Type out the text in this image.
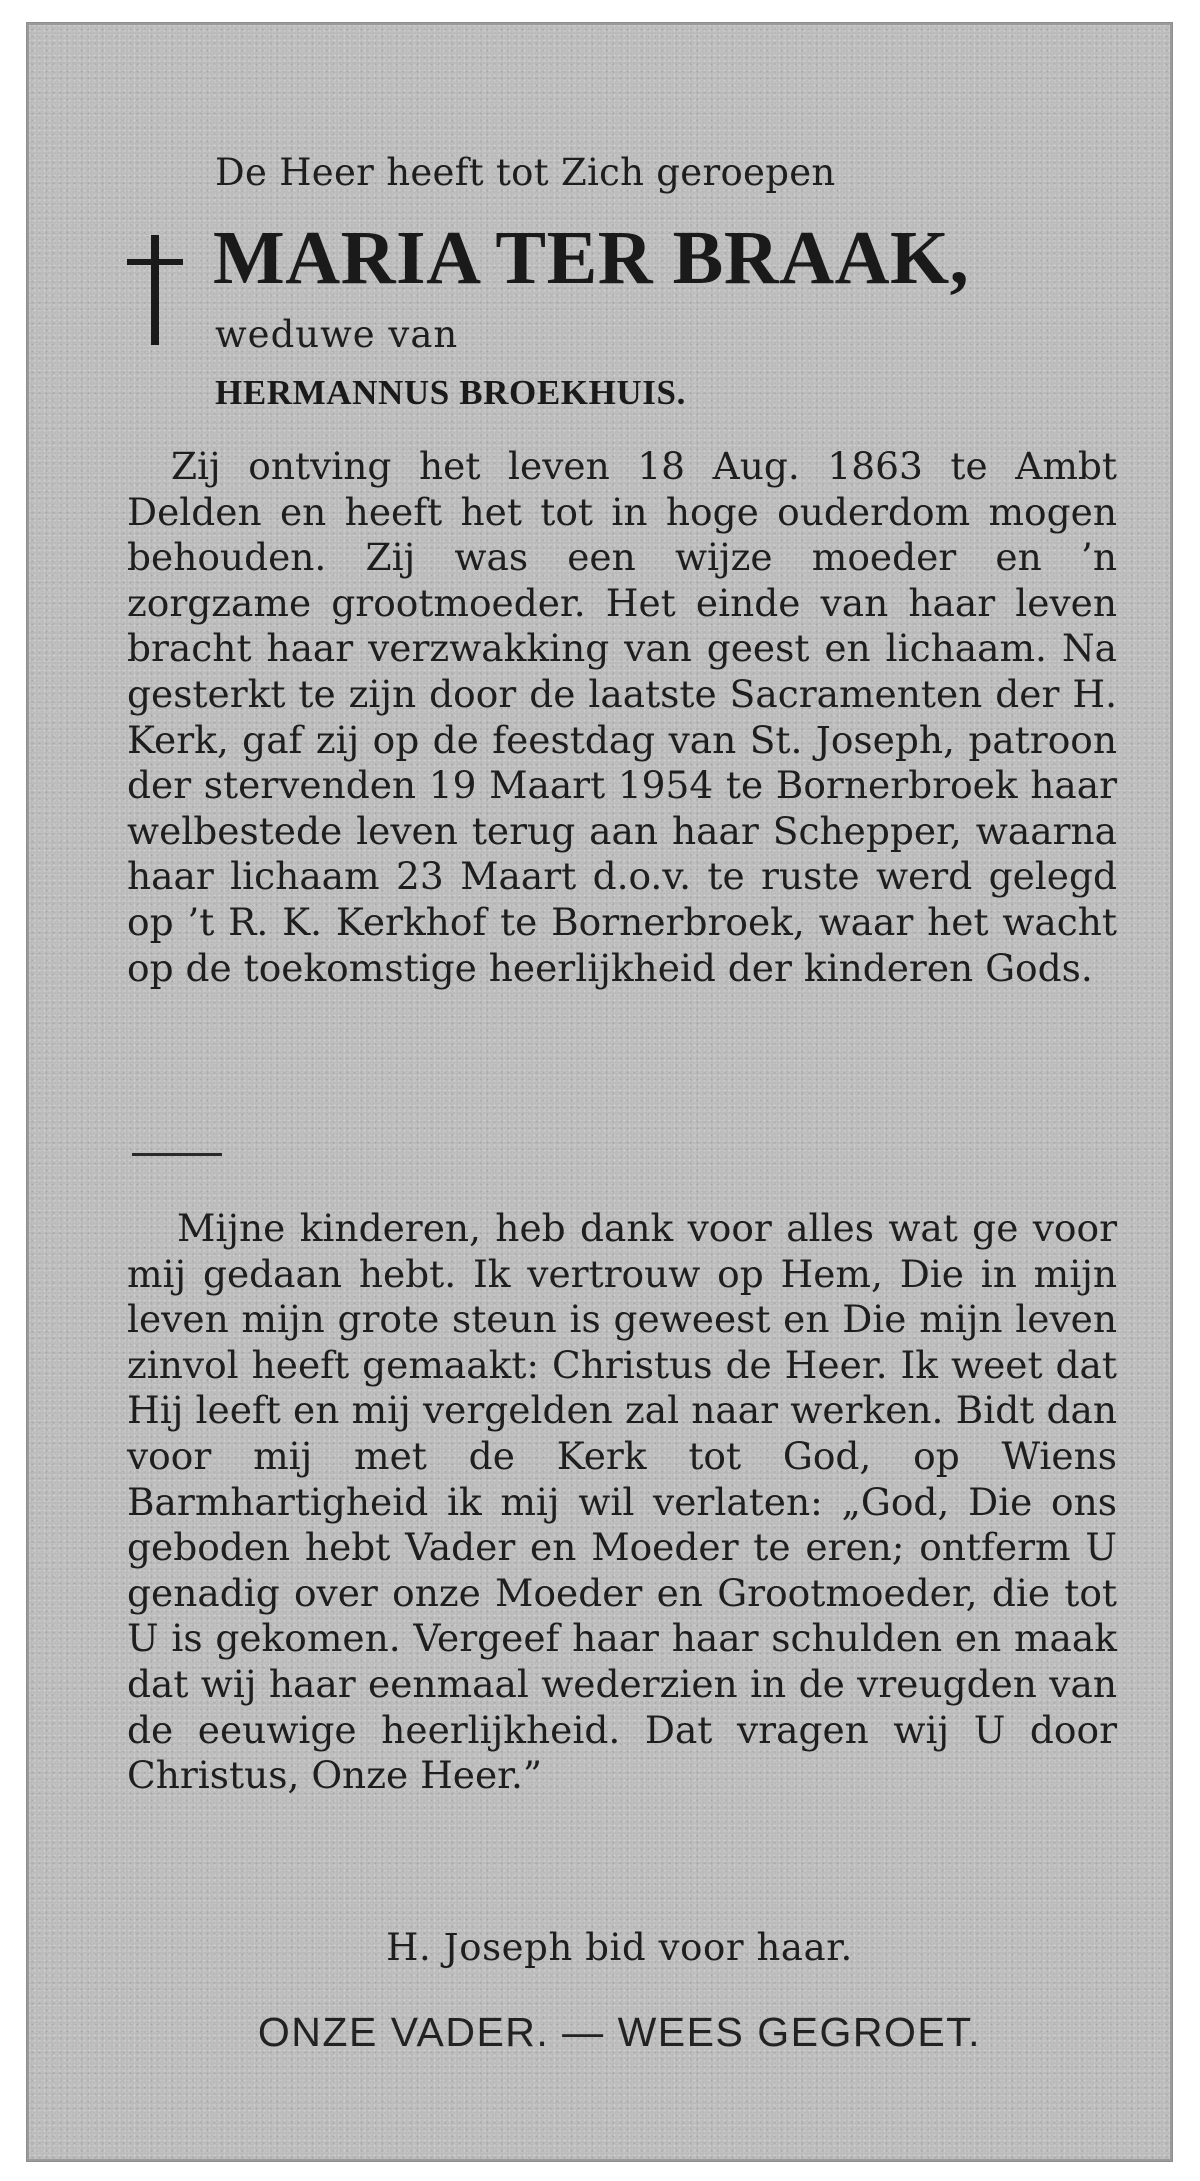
De Heer heeft tot Zich geroepen
MARIA TER BRAAK,
weduwe van
HERMANNUS BROEKHUIS.
Zij ontving het leven 18 Aug. 1863 te Ambt Delden en heeft het tot in hoge ouderdom mogen behouden. Zij was een wijze moeder en ’n zorgzame grootmoeder. Het einde van haar leven bracht haar verzwakking van geest en lichaam. Na gesterkt te zijn door de laatste Sacramenten der H. Kerk, gaf zij op de feestdag van St. Joseph, patroon der stervenden 19 Maart 1954 te Bornerbroek haar welbestede leven terug aan haar Schepper, waarna haar lichaam 23 Maart d.o.v. te ruste werd gelegd op ’t R. K. Kerkhof te Bornerbroek, waar het wacht op de toekomstige heerlijkheid der kinderen Gods.
Mijne kinderen, heb dank voor alles wat ge voor mij gedaan hebt. Ik vertrouw op Hem, Die in mijn leven mijn grote steun is geweest en Die mijn leven zinvol heeft gemaakt: Christus de Heer. Ik weet dat Hij leeft en mij vergelden zal naar werken. Bidt dan voor mij met de Kerk tot God, op Wiens Barmhartigheid ik mij wil verlaten: „God, Die ons geboden hebt Vader en Moeder te eren; ontferm U genadig over onze Moeder en Grootmoeder, die tot U is gekomen. Vergeef haar haar schulden en maak dat wij haar eenmaal wederzien in de vreugden van de eeuwige heerlijkheid. Dat vragen wij U door Christus, Onze Heer.”
H. Joseph bid voor haar.
ONZE VADER. — WEES GEGROET.
